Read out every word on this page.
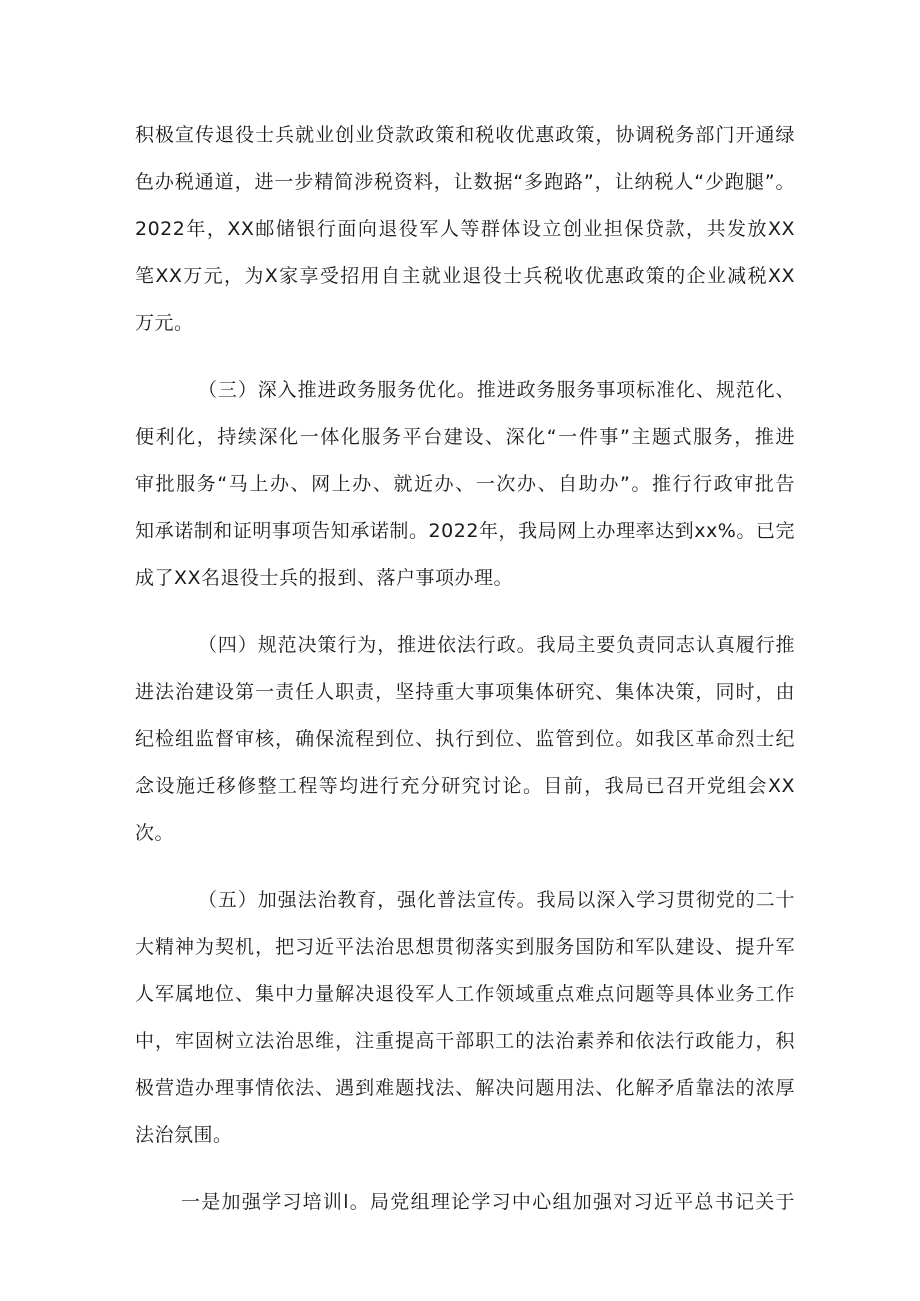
积极宣传退役士兵就业创业贷款政策和税收优惠政策，协调税务部门开通绿
色办税通道，进一步精简涉税资料，让数据“多跑路”，让纳税人“少跑腿”。
2022年，XX邮储银行面向退役军人等群体设立创业担保贷款，共发放XX
笔XX万元，为X家享受招用自主就业退役士兵税收优惠政策的企业减税XX
万元。
（三）深入推进政务服务优化。推进政务服务事项标准化、规范化、
便利化，持续深化一体化服务平台建设、深化“一件事”主题式服务，推进
审批服务“马上办、网上办、就近办、一次办、自助办”。推行行政审批告
知承诺制和证明事项告知承诺制。2022年，我局网上办理率达到xx%。已完
成了XX名退役士兵的报到、落户事项办理。
（四）规范决策行为，推进依法行政。我局主要负责同志认真履行推
进法治建设第一责任人职责，坚持重大事项集体研究、集体决策，同时，由
纪检组监督审核，确保流程到位、执行到位、监管到位。如我区革命烈士纪
念设施迁移修整工程等均进行充分研究讨论。目前，我局已召开党组会XX
次。
（五）加强法治教育，强化普法宣传。我局以深入学习贯彻党的二十
大精神为契机，把习近平法治思想贯彻落实到服务国防和军队建设、提升军
人军属地位、集中力量解决退役军人工作领域重点难点问题等具体业务工作
中，牢固树立法治思维，注重提高干部职工的法治素养和依法行政能力，积
极营造办理事情依法、遇到难题找法、解决问题用法、化解矛盾靠法的浓厚
法治氛围。
一是加强学习培训l。局党组理论学习中心组加强对习近平总书记关于
